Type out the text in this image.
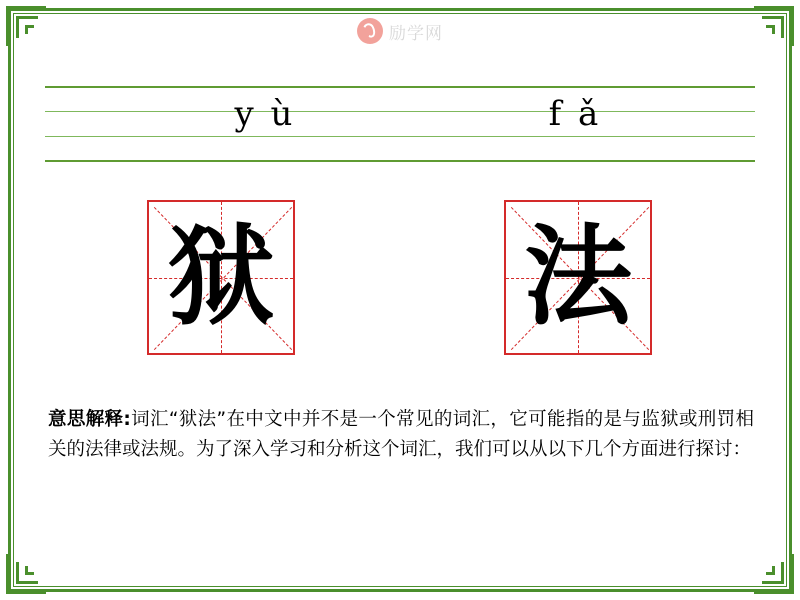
励学网
y ù	f ǎ
狱 法
意思解释:词汇“狱法”在中文中并不是一个常见的词汇，它可能指的是与监狱或刑罚相关的法律或法规。为了深入学习和分析这个词汇，我们可以从以下几个方面进行探讨：
